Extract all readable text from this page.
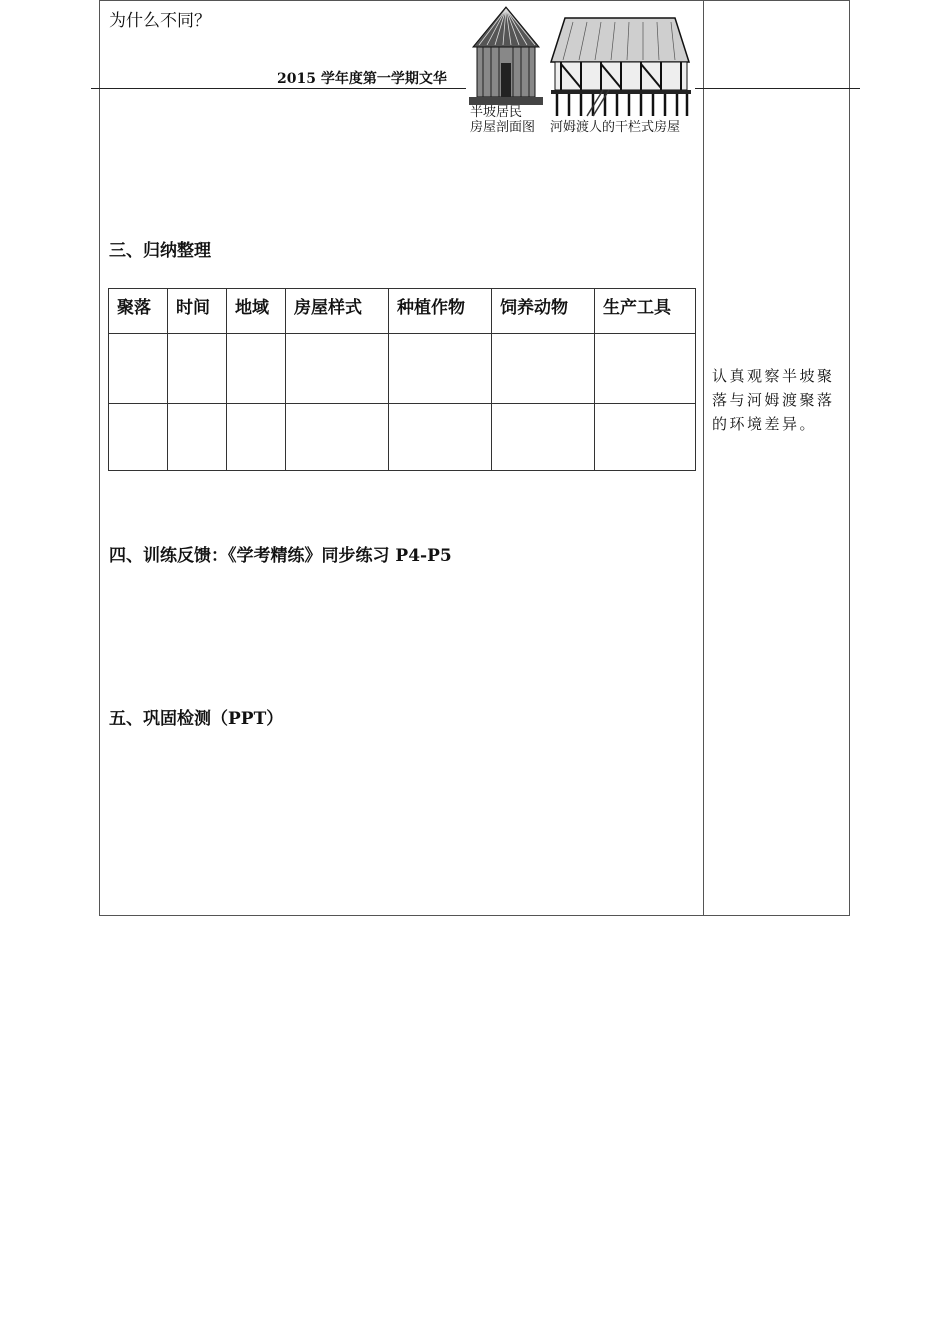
为什么不同？
2015 学年度第一学期文华
半坡居民
房屋剖面图 河姆渡人的干栏式房屋
三、归纳整理
聚落	时间	地域	房屋样式	种植作物	饲养动物	生产工具

四、训练反馈：《学考精练》同步练习 P4-P5
五、巩固检测（PPT）
认真观察半坡聚落与河姆渡聚落的环境差异。
